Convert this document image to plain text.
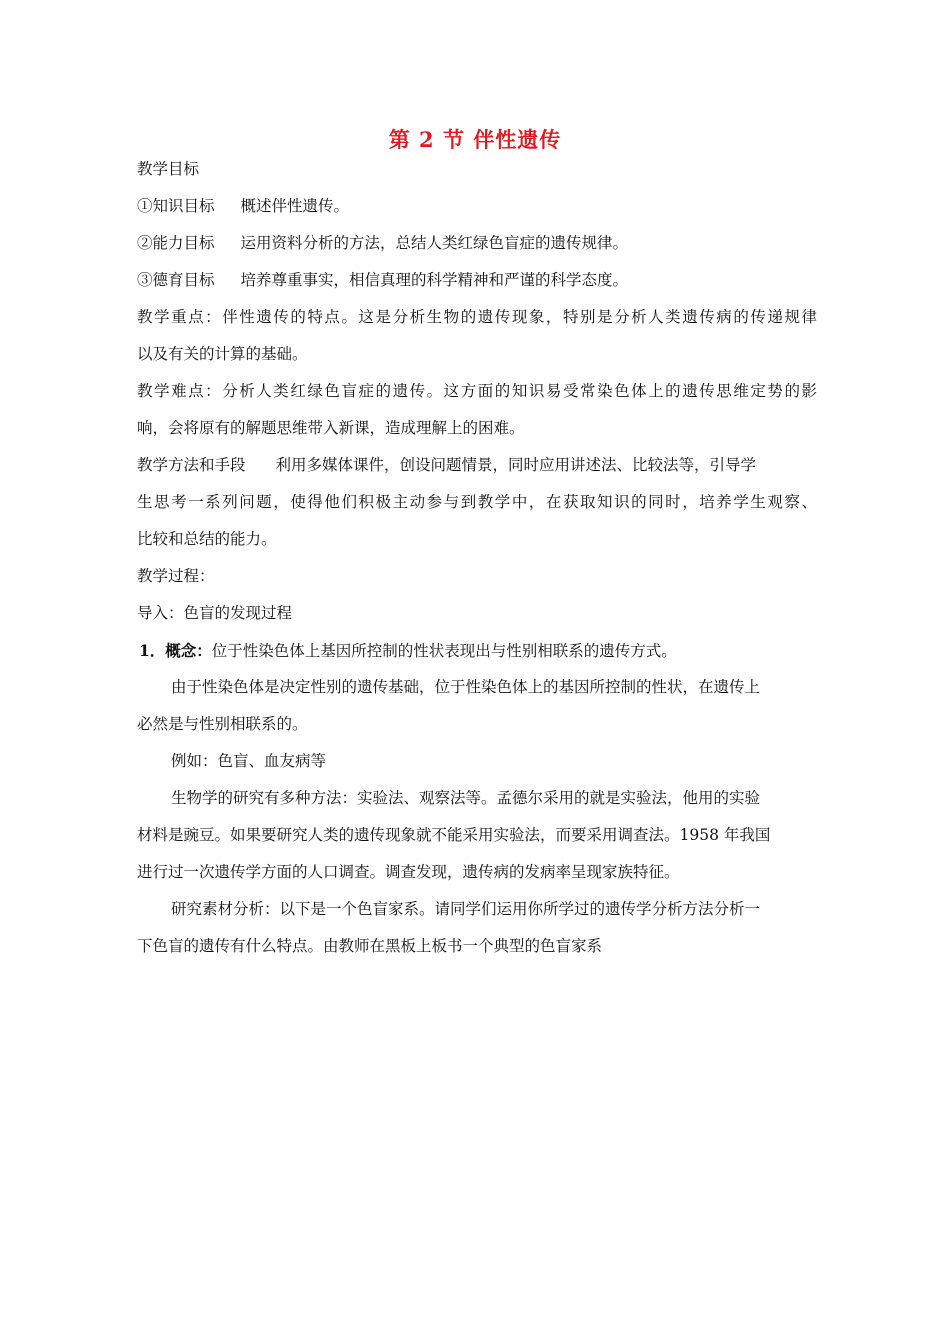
第 2 节 伴性遗传
教学目标
①知识目标 概述伴性遗传。
②能力目标 运用资料分析的方法，总结人类红绿色盲症的遗传规律。
③德育目标 培养尊重事实，相信真理的科学精神和严谨的科学态度。
教学重点：伴性遗传的特点。这是分析生物的遗传现象，特别是分析人类遗传病的传递规律
以及有关的计算的基础。
教学难点：分析人类红绿色盲症的遗传。这方面的知识易受常染色体上的遗传思维定势的影
响，会将原有的解题思维带入新课，造成理解上的困难。
教学方法和手段 利用多媒体课件，创设问题情景，同时应用讲述法、比较法等，引导学
生思考一系列问题，使得他们积极主动参与到教学中，在获取知识的同时，培养学生观察、
比较和总结的能力。
教学过程：
导入：色盲的发现过程
1．概念：位于性染色体上基因所控制的性状表现出与性别相联系的遗传方式。
由于性染色体是决定性别的遗传基础，位于性染色体上的基因所控制的性状，在遗传上
必然是与性别相联系的。
例如：色盲、血友病等
生物学的研究有多种方法：实验法、观察法等。孟德尔采用的就是实验法，他用的实验
材料是豌豆。如果要研究人类的遗传现象就不能采用实验法，而要采用调查法。1958 年我国
进行过一次遗传学方面的人口调查。调查发现，遗传病的发病率呈现家族特征。
研究素材分析：以下是一个色盲家系。请同学们运用你所学过的遗传学分析方法分析一
下色盲的遗传有什么特点。由教师在黑板上板书一个典型的色盲家系
